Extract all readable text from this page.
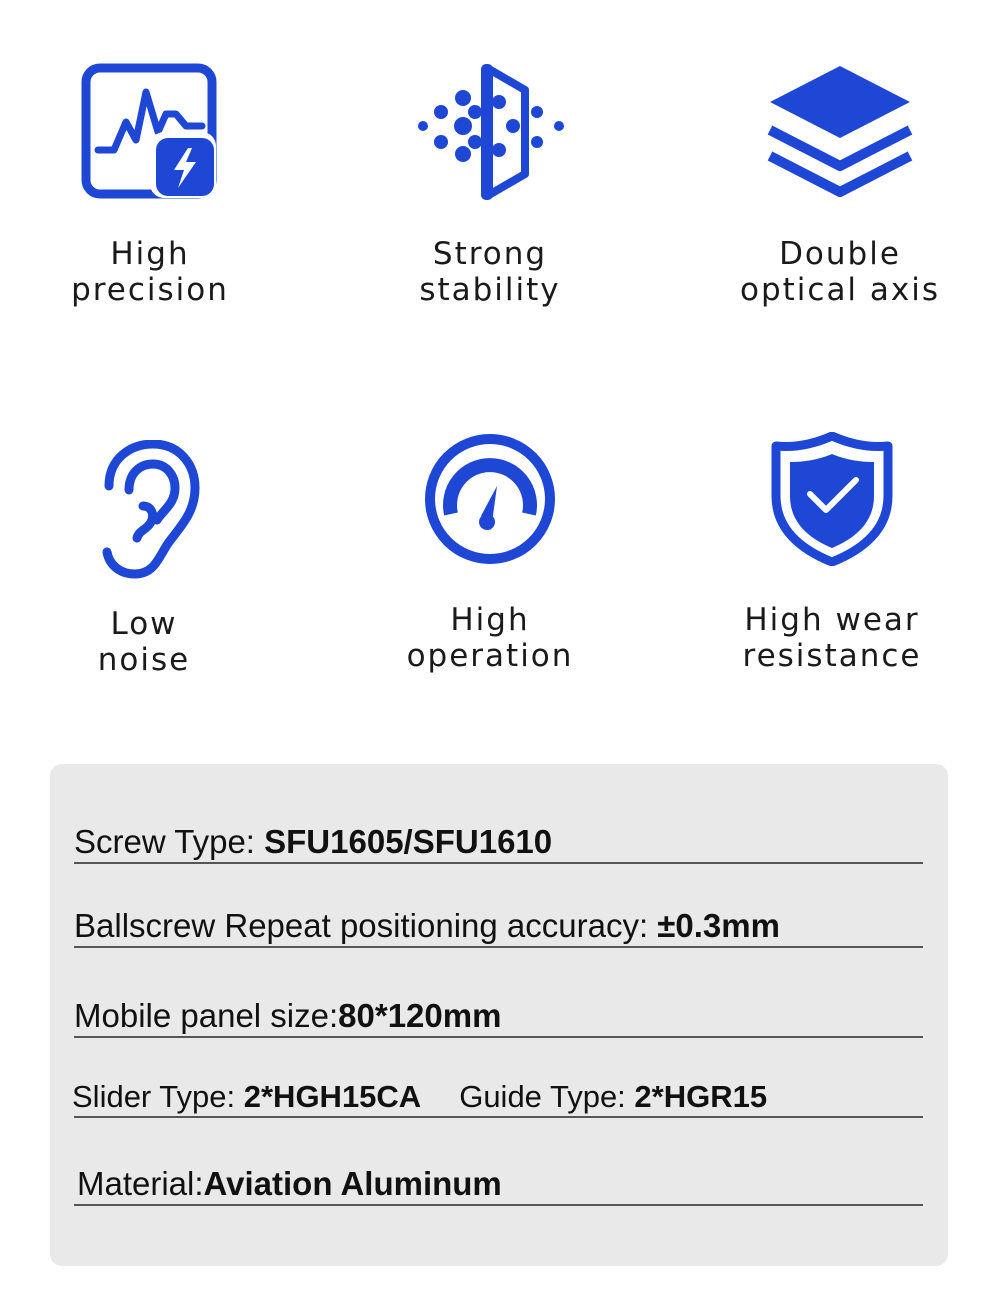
High
precision
Strong
stability
Double
optical axis
Low
noise
High
operation
High wear
resistance
Screw Type: SFU1605/SFU1610
Ballscrew Repeat positioning accuracy: ±0.3mm
Mobile panel size:80*120mm
Slider Type: 2*HGH15CA Guide Type: 2*HGR15
Material:Aviation Aluminum
